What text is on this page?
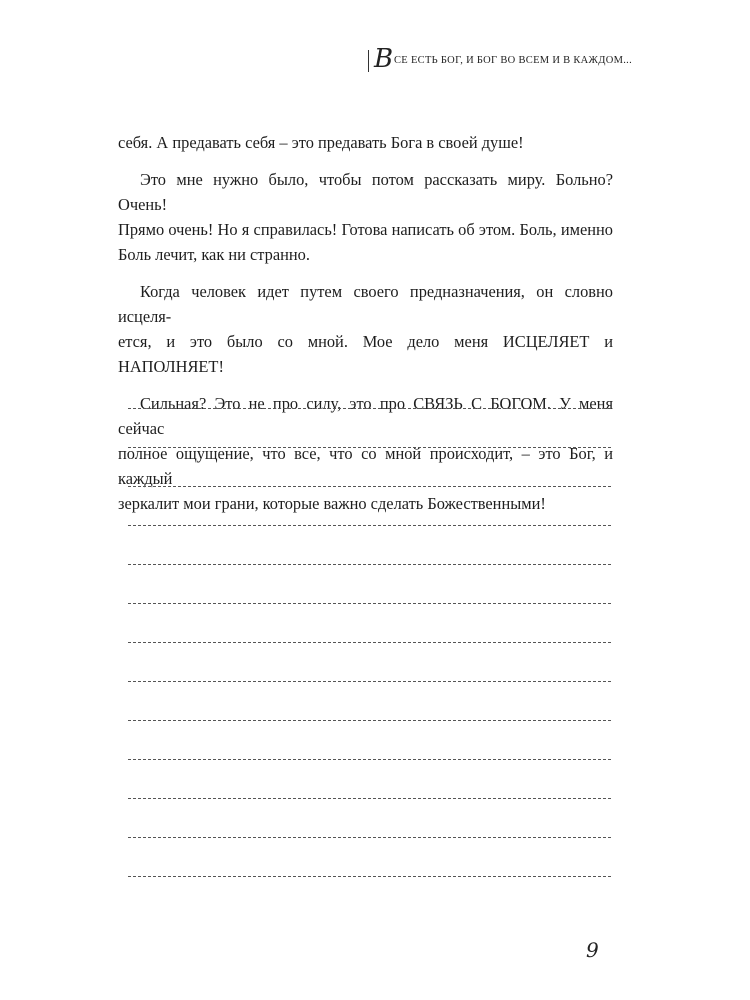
В СЕ ЕСТЬ БОГ, И БОГ ВО ВСЕМ И В КАЖДОМ...

себя. А предавать себя – это предавать Бога в своей душе!

Это мне нужно было, чтобы потом рассказать миру. Больно? Очень!
Прямо очень! Но я справилась! Готова написать об этом. Боль, именно
Боль лечит, как ни странно.

Когда человек идет путем своего предназначения, он словно исцеля-
ется, и это было со мной. Мое дело меня ИСЦЕЛЯЕТ и НАПОЛНЯЕТ!

Сильная? Это не про силу, это про СВЯЗЬ С БОГОМ. У меня сейчас
полное ощущение, что все, что со мной происходит, – это Бог, и каждый
зеркалит мои грани, которые важно сделать Божественными!

9
